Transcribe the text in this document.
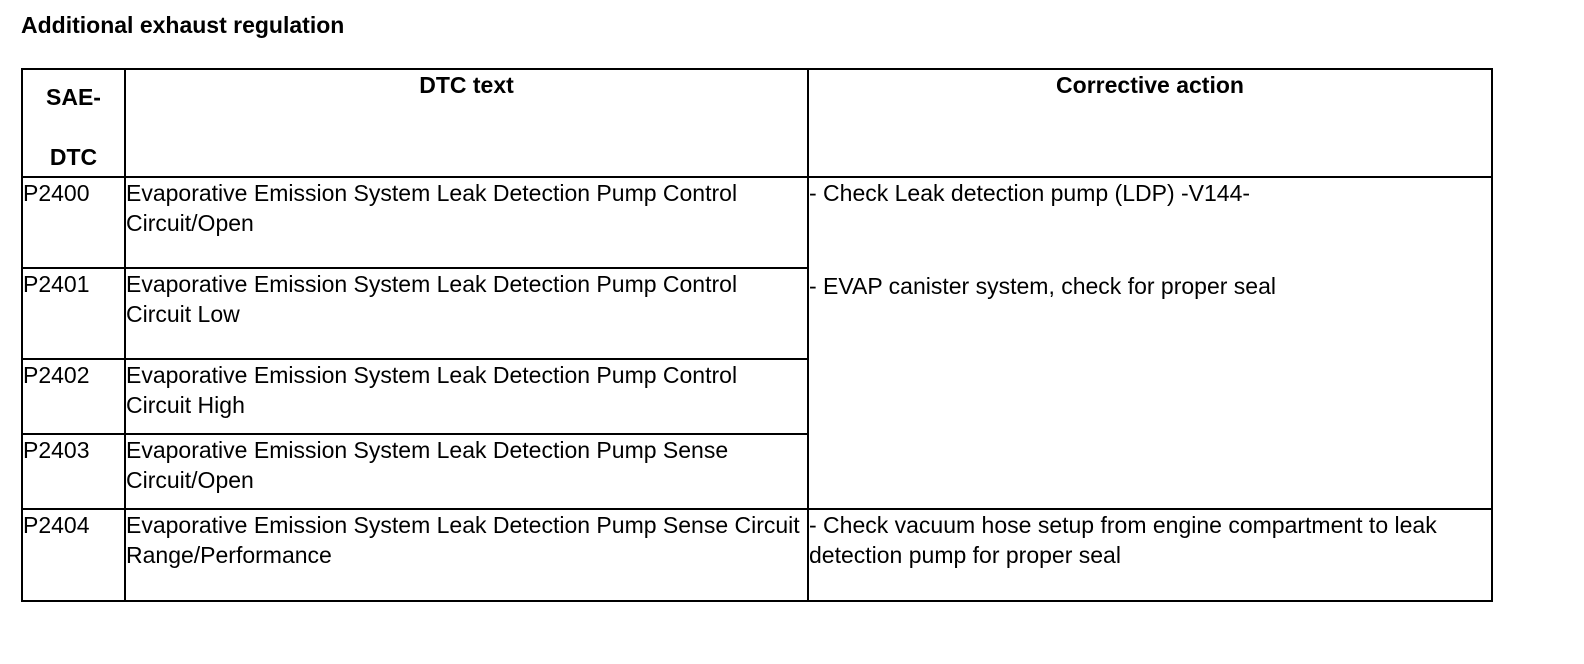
Additional exhaust regulation
SAE-
DTC	DTC text	Corrective action
P2400	Evaporative Emission System Leak Detection Pump Control Circuit/Open	- Check Leak detection pump (LDP) -V144-
- EVAP canister system, check for proper seal

P2401	Evaporative Emission System Leak Detection Pump Control Circuit Low	
P2402	Evaporative Emission System Leak Detection Pump Control Circuit High	
P2403	Evaporative Emission System Leak Detection Pump Sense Circuit/Open	
P2404	Evaporative Emission System Leak Detection Pump Sense Circuit Range/Performance	- Check vacuum hose setup from engine compartment to leak detection pump for proper seal
